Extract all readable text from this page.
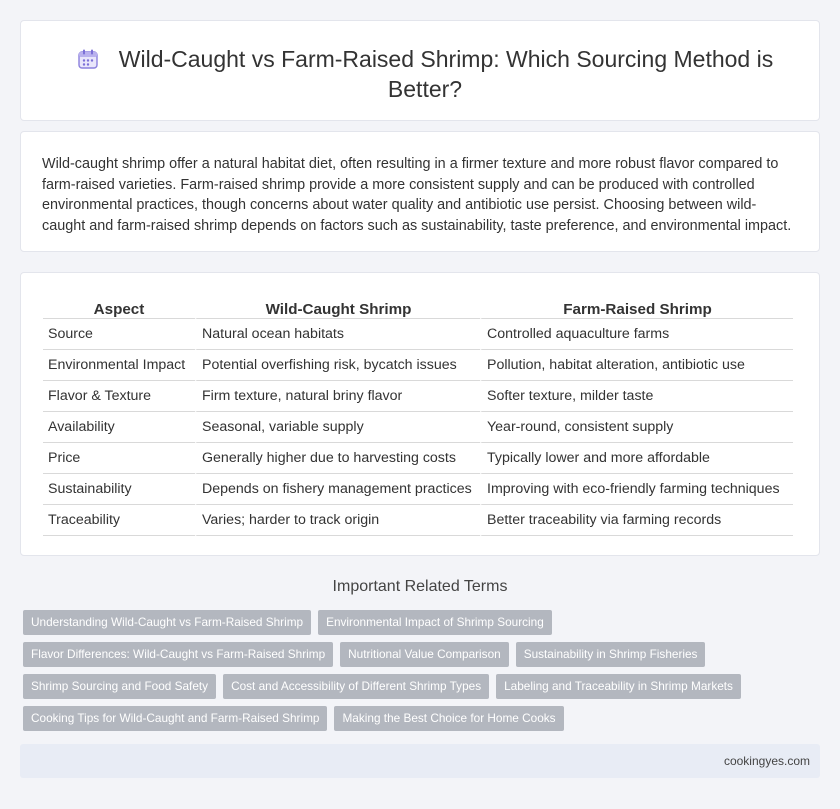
Wild-Caught vs Farm-Raised Shrimp: Which Sourcing Method is Better?

Wild-caught shrimp offer a natural habitat diet, often resulting in a firmer texture and more robust flavor compared to farm-raised varieties. Farm-raised shrimp provide a more consistent supply and can be produced with controlled environmental practices, though concerns about water quality and antibiotic use persist. Choosing between wild-caught and farm-raised shrimp depends on factors such as sustainability, taste preference, and environmental impact.

Aspect	Wild-Caught Shrimp	Farm-Raised Shrimp
Source	Natural ocean habitats	Controlled aquaculture farms
Environmental Impact	Potential overfishing risk, bycatch issues	Pollution, habitat alteration, antibiotic use
Flavor & Texture	Firm texture, natural briny flavor	Softer texture, milder taste
Availability	Seasonal, variable supply	Year-round, consistent supply
Price	Generally higher due to harvesting costs	Typically lower and more affordable
Sustainability	Depends on fishery management practices	Improving with eco-friendly farming techniques
Traceability	Varies; harder to track origin	Better traceability via farming records
Important Related Terms
Understanding Wild-Caught vs Farm-Raised Shrimp	Environmental Impact of Shrimp Sourcing
Flavor Differences: Wild-Caught vs Farm-Raised Shrimp	Nutritional Value Comparison	Sustainability in Shrimp Fisheries
Shrimp Sourcing and Food Safety	Cost and Accessibility of Different Shrimp Types	Labeling and Traceability in Shrimp Markets
Cooking Tips for Wild-Caught and Farm-Raised Shrimp	Making the Best Choice for Home Cooks
cookingyes.com
